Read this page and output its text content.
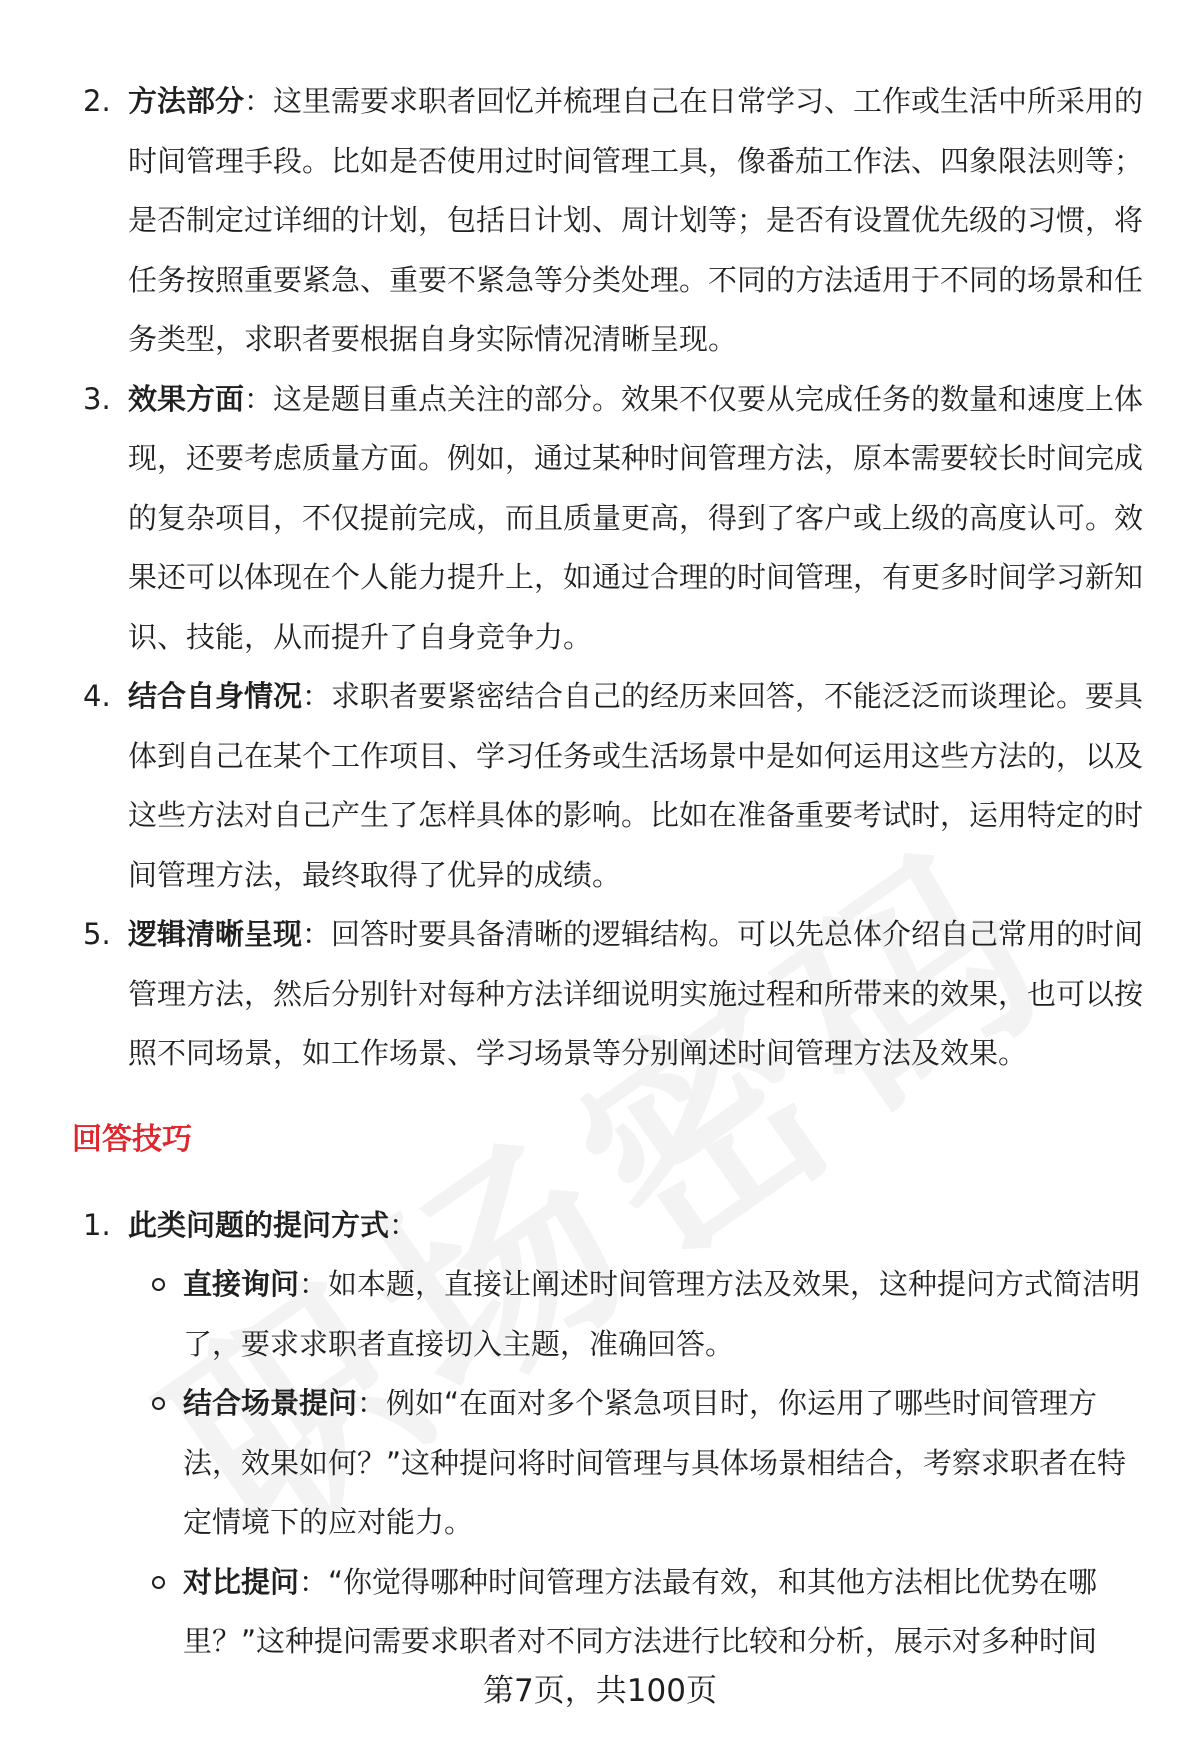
2. 方法部分：这里需要求职者回忆并梳理自己在日常学习、工作或生活中所采用的时间管理手段。比如是否使用过时间管理工具，像番茄工作法、四象限法则等；是否制定过详细的计划，包括日计划、周计划等；是否有设置优先级的习惯，将任务按照重要紧急、重要不紧急等分类处理。不同的方法适用于不同的场景和任务类型，求职者要根据自身实际情况清晰呈现。
3. 效果方面：这是题目重点关注的部分。效果不仅要从完成任务的数量和速度上体现，还要考虑质量方面。例如，通过某种时间管理方法，原本需要较长时间完成的复杂项目，不仅提前完成，而且质量更高，得到了客户或上级的高度认可。效果还可以体现在个人能力提升上，如通过合理的时间管理，有更多时间学习新知识、技能，从而提升了自身竞争力。
4. 结合自身情况：求职者要紧密结合自己的经历来回答，不能泛泛而谈理论。要具体到自己在某个工作项目、学习任务或生活场景中是如何运用这些方法的，以及这些方法对自己产生了怎样具体的影响。比如在准备重要考试时，运用特定的时间管理方法，最终取得了优异的成绩。
5. 逻辑清晰呈现：回答时要具备清晰的逻辑结构。可以先总体介绍自己常用的时间管理方法，然后分别针对每种方法详细说明实施过程和所带来的效果，也可以按照不同场景，如工作场景、学习场景等分别阐述时间管理方法及效果。
回答技巧
1. 此类问题的提问方式：
直接询问：如本题，直接让阐述时间管理方法及效果，这种提问方式简洁明了，要求求职者直接切入主题，准确回答。
结合场景提问：例如“在面对多个紧急项目时，你运用了哪些时间管理方法，效果如何？”这种提问将时间管理与具体场景相结合，考察求职者在特定情境下的应对能力。
对比提问：“你觉得哪种时间管理方法最有效，和其他方法相比优势在哪里？”这种提问需要求职者对不同方法进行比较和分析，展示对多种时间
第7页，共100页
